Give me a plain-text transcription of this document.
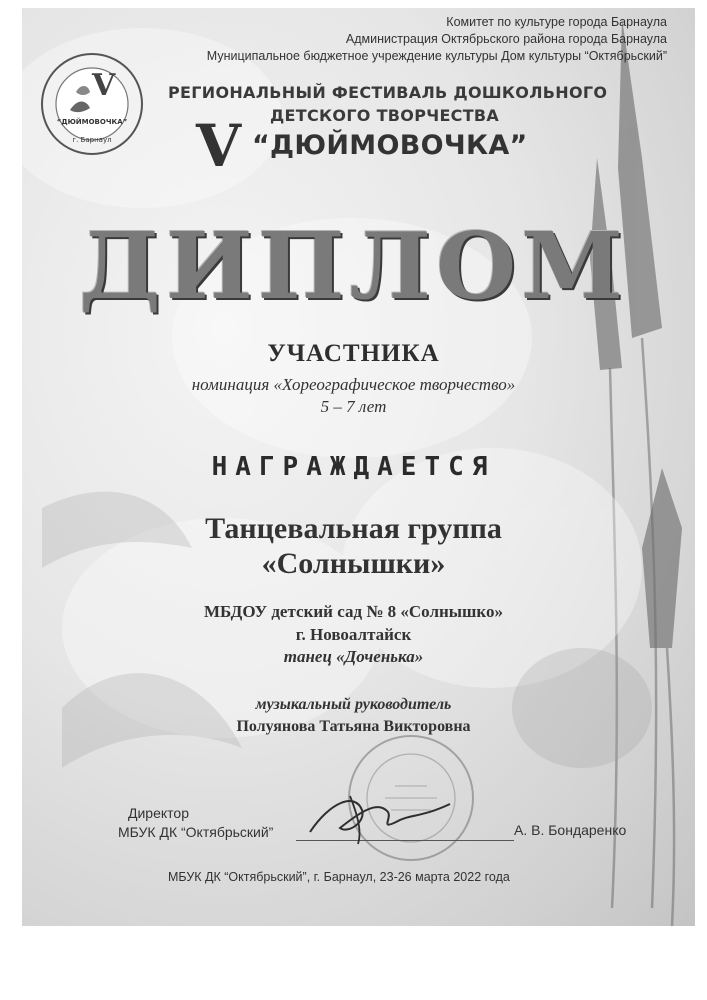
Комитет по культуре города Барнаула
Администрация Октябрьского района города Барнаула
Муниципальное бюджетное учреждение культуры Дом культуры “Октябрьский”
V
“ДЮЙМОВОЧКА”
г. Барнаул
РЕГИОНАЛЬНЫЙ ФЕСТИВАЛЬ ДОШКОЛЬНОГО
ДЕТСКОГО ТВОРЧЕСТВА
V “ДЮЙМОВОЧКА”
ДИПЛОМ
УЧАСТНИКА
номинация «Хореографическое творчество»
5 – 7 лет
НАГРАЖДАЕТСЯ
Танцевальная группа
«Солнышки»
МБДОУ детский сад № 8 «Солнышко»
г. Новоалтайск
танец «Доченька»
музыкальный руководитель
Полуянова Татьяна Викторовна
Директор
МБУК ДК “Октябрьский”	А. В. Бондаренко
МБУК ДК “Октябрьский”, г. Барнаул, 23-26 марта 2022 года
